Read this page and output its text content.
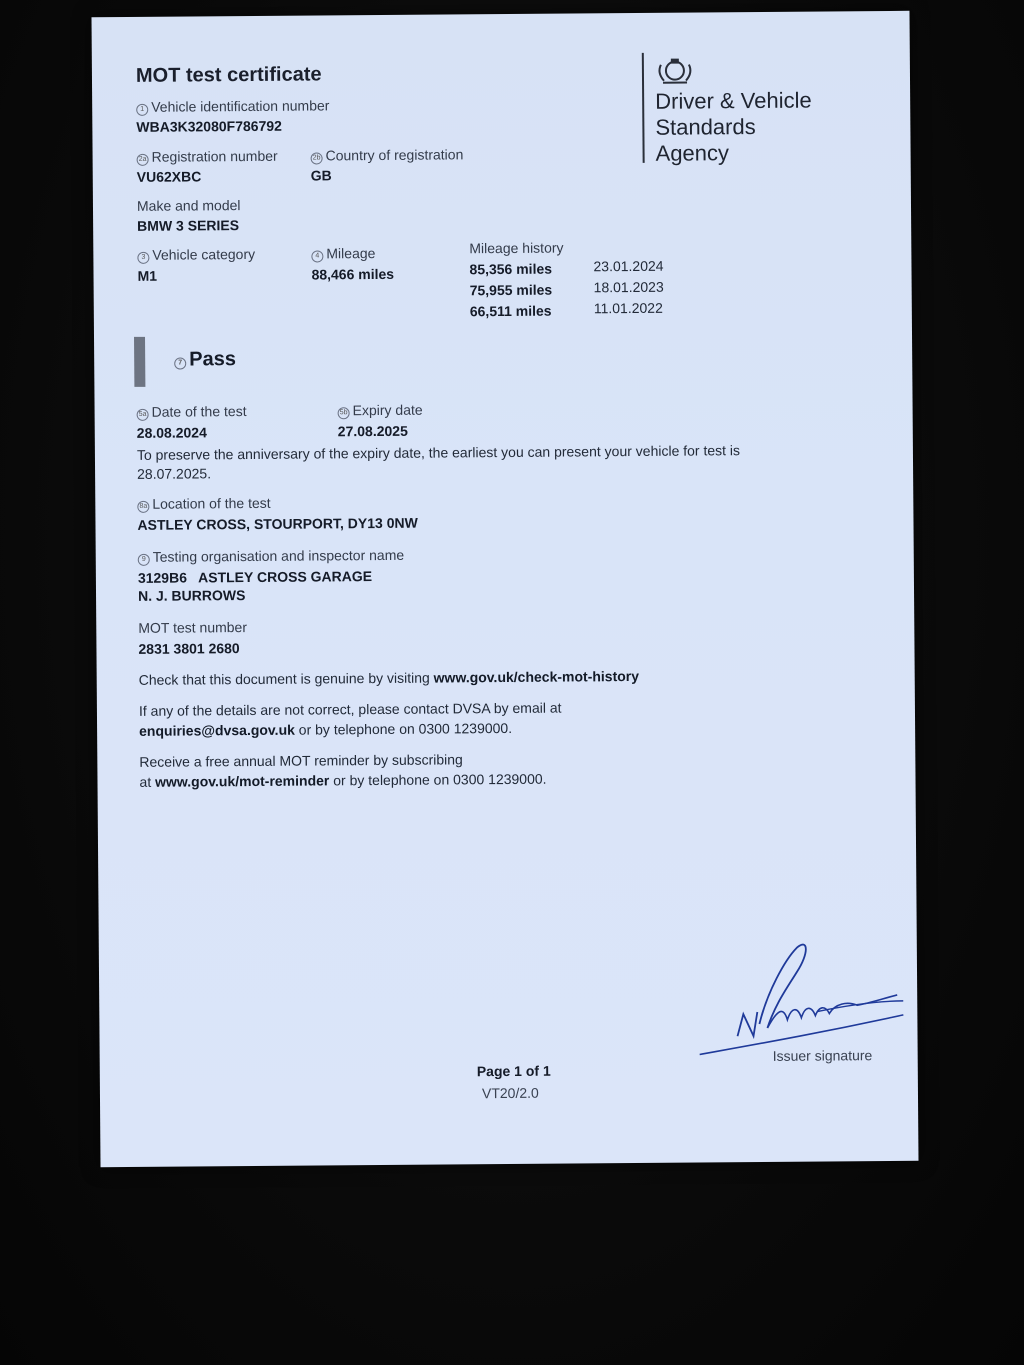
MOT test certificate
Driver & Vehicle
Standards
Agency
1 Vehicle identification number
WBA3K32080F786792
2a Registration number
VU62XBC
2b Country of registration
GB
Make and model
BMW 3 SERIES
3 Vehicle category
M1
4 Mileage
88,466 miles
Mileage history
85,356 miles	23.01.2024
75,955 miles	18.01.2023
66,511 miles	11.01.2022
7 Pass
5a Date of the test
28.08.2024
5b Expiry date
27.08.2025
To preserve the anniversary of the expiry date, the earliest you can present your vehicle for test is
28.07.2025.
8a Location of the test
ASTLEY CROSS, STOURPORT, DY13 0NW
9 Testing organisation and inspector name
3129B6   ASTLEY CROSS GARAGE
N. J. BURROWS
MOT test number
2831 3801 2680
Check that this document is genuine by visiting www.gov.uk/check-mot-history
If any of the details are not correct, please contact DVSA by email at
enquiries@dvsa.gov.uk or by telephone on 0300 1239000.
Receive a free annual MOT reminder by subscribing
at www.gov.uk/mot-reminder or by telephone on 0300 1239000.
Issuer signature
Page 1 of 1
VT20/2.0
